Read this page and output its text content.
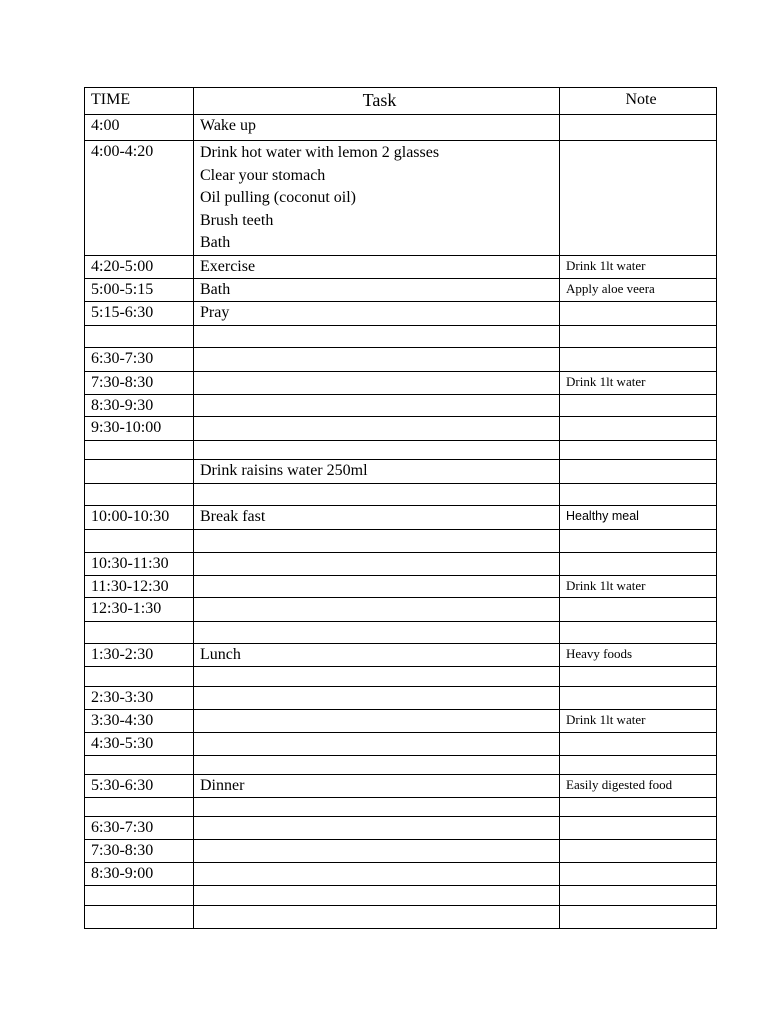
TIME	Task	Note
4:00	Wake up	

4:00-4:20	Drink hot water with lemon 2 glasses
Clear your stomach
Oil pulling (coconut oil)
Brush teeth
Bath	

4:20-5:00	Exercise	Drink 1lt water
5:00-5:15	Bath	Apply aloe veera
5:15-6:30	Pray	

6:30-7:30		
7:30-8:30		Drink 1lt water
8:30-9:30		
9:30-10:00		

	Drink raisins water 250ml	

10:00-10:30	Break fast	Healthy meal

10:30-11:30		
11:30-12:30		Drink 1lt water
12:30-1:30		

1:30-2:30	Lunch	Heavy foods

2:30-3:30		
3:30-4:30		Drink 1lt water
4:30-5:30		

5:30-6:30	Dinner	Easily digested food

6:30-7:30		
7:30-8:30		
8:30-9:00		
